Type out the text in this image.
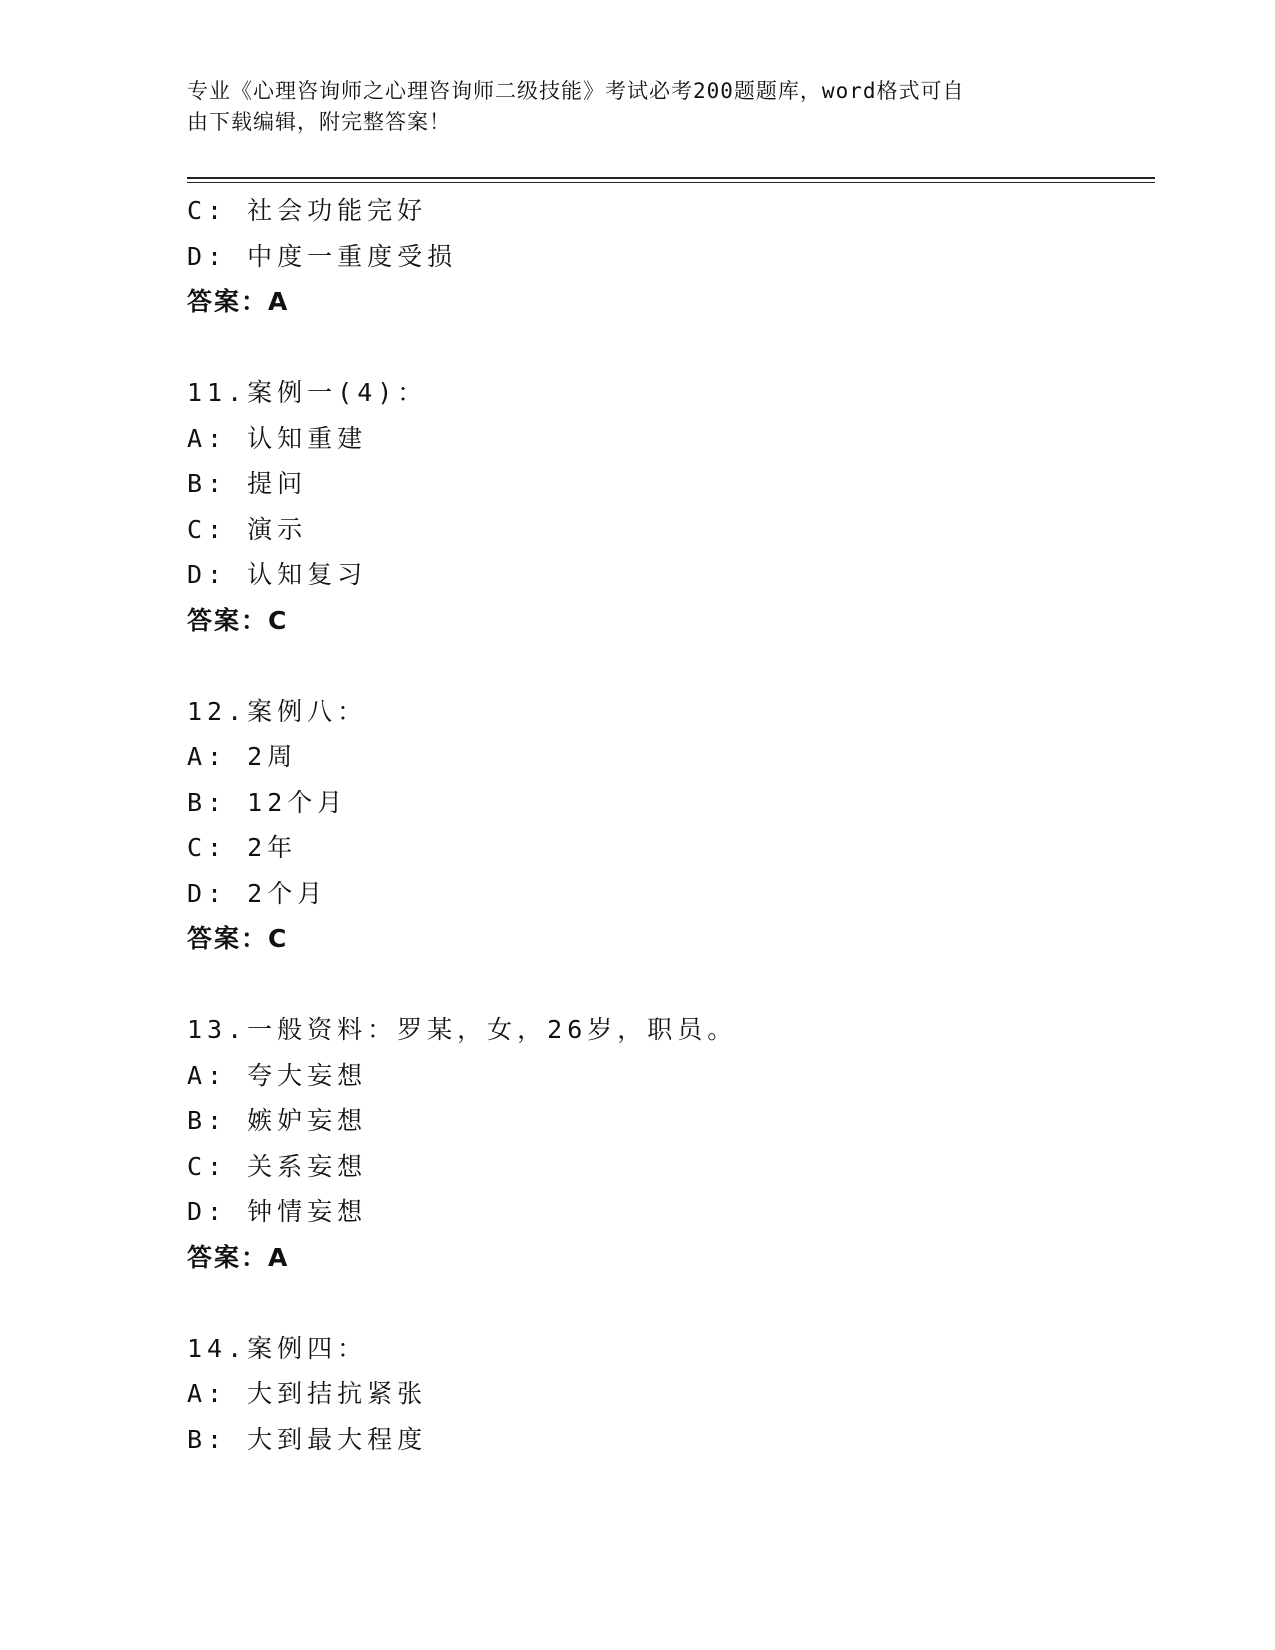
专业《心理咨询师之心理咨询师二级技能》考试必考200题题库，word格式可自
由下载编辑，附完整答案！
C: 社会功能完好
D: 中度一重度受损
答案：A
11.案例一(4)：
A: 认知重建
B: 提问
C: 演示
D: 认知复习
答案：C
12.案例八：
A: 2周
B: 12个月
C: 2年
D: 2个月
答案：C
13.一般资料：罗某，女，26岁，职员。
A: 夸大妄想
B: 嫉妒妄想
C: 关系妄想
D: 钟情妄想
答案：A
14.案例四：
A: 大到拮抗紧张
B: 大到最大程度
